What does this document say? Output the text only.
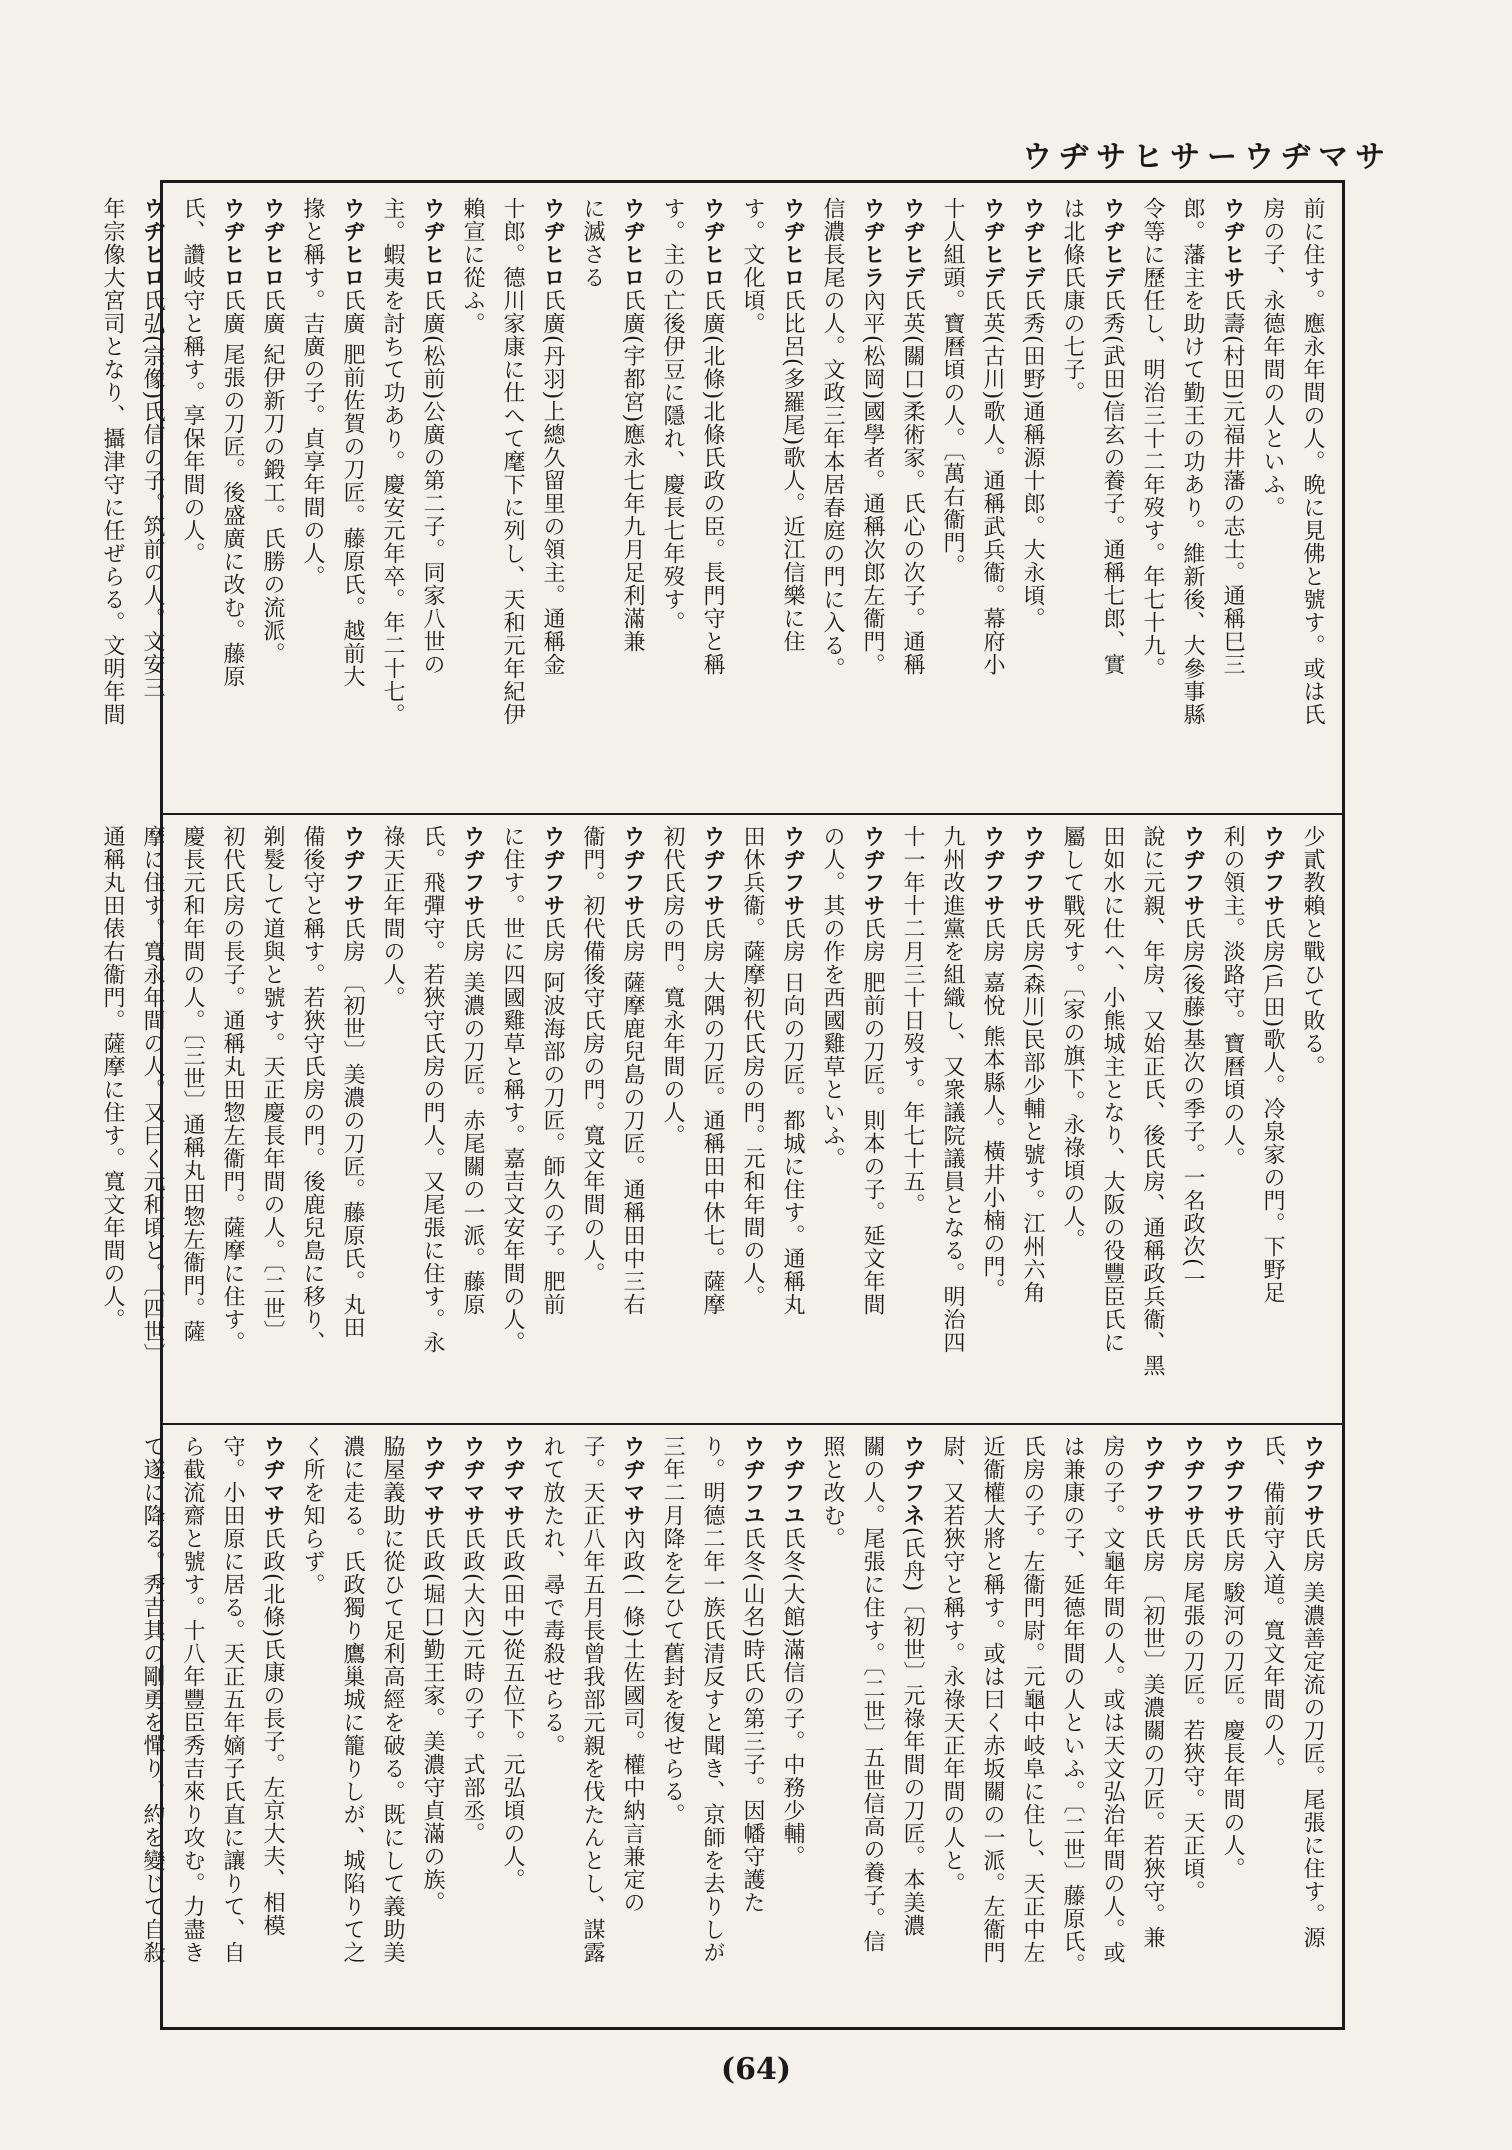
ウヂサヒサーウヂマサ
前に住す。應永年間の人。晩に見佛と號す。或は氏
房の子、永德年間の人といふ。
ウヂヒサ氏壽(村田)元福井藩の志士。通稱巳三
郎。藩主を助けて勤王の功あり。維新後、大參事縣
令等に歷任し、明治三十二年歿す。年七十九。
ウヂヒデ氏秀(武田)信玄の養子。通稱七郎、實
は北條氏康の七子。
ウヂヒデ氏秀(田野)通稱源十郎。大永頃。
ウヂヒデ氏英(古川)歌人。通稱武兵衞。幕府小
十人組頭。寶曆頃の人。〔萬右衞門。
ウヂヒデ氏英(關口)柔術家。氏心の次子。通稱
ウヂヒラ內平(松岡)國學者。通稱次郎左衞門。
信濃長尾の人。文政三年本居春庭の門に入る。
ウヂヒロ氏比呂(多羅尾)歌人。近江信樂に住
す。文化頃。
ウヂヒロ氏廣(北條)北條氏政の臣。長門守と稱
す。主の亡後伊豆に隱れ、慶長七年歿す。
ウヂヒロ氏廣(宇都宮)應永七年九月足利滿兼
に滅さる
ウヂヒロ氏廣(丹羽)上總久留里の領主。通稱金
十郎。德川家康に仕へて麾下に列し、天和元年紀伊
賴宣に從ふ。
ウヂヒロ氏廣(松前)公廣の第二子。同家八世の
主。蝦夷を討ちて功あり。慶安元年卒。年二十七。
ウヂヒロ氏廣 肥前佐賀の刀匠。藤原氏。越前大
掾と稱す。吉廣の子。貞享年間の人。
ウヂヒロ氏廣 紀伊新刀の鍛工。氏勝の流派。
ウヂヒロ氏廣 尾張の刀匠。後盛廣に改む。藤原
氏、讚岐守と稱す。享保年間の人。
ウヂヒロ氏弘(宗像)氏信の子。筑前の人。文安三
年宗像大宮司となり、攝津守に任ぜらる。文明年間
少貳教賴と戰ひて敗る。
ウヂフサ氏房(戶田)歌人。冷泉家の門。下野足
利の領主。淡路守。寶曆頃の人。
ウヂフサ氏房(後藤)基次の季子。一名政次(一
說に元親、年房、又始正氏、後氏房、通稱政兵衞、黑
田如水に仕へ、小熊城主となり、大阪の役豐臣氏に
屬して戰死す。〔家の旗下。永祿頃の人。
ウヂフサ氏房(森川)民部少輔と號す。江州六角
ウヂフサ氏房 嘉悅 熊本縣人。橫井小楠の門。
九州改進黨を組織し、又衆議院議員となる。明治四
十一年十二月三十日歿す。年七十五。
ウヂフサ氏房 肥前の刀匠。則本の子。延文年間
の人。其の作を西國雞草といふ。
ウヂフサ氏房 日向の刀匠。都城に住す。通稱丸
田休兵衞。薩摩初代氏房の門。元和年間の人。
ウヂフサ氏房 大隅の刀匠。通稱田中休七。薩摩
初代氏房の門。寬永年間の人。
ウヂフサ氏房 薩摩鹿兒島の刀匠。通稱田中三右
衞門。初代備後守氏房の門。寬文年間の人。
ウヂフサ氏房 阿波海部の刀匠。師久の子。肥前
に住す。世に四國雞草と稱す。嘉吉文安年間の人。
ウヂフサ氏房 美濃の刀匠。赤尾關の一派。藤原
氏。飛彈守。若狹守氏房の門人。又尾張に住す。永
祿天正年間の人。
ウヂフサ氏房 〔初世〕美濃の刀匠。藤原氏。丸田
備後守と稱す。若狹守氏房の門。後鹿兒島に移り、
剃髮して道與と號す。天正慶長年間の人。〔二世〕
初代氏房の長子。通稱丸田惣左衞門。薩摩に住す。
慶長元和年間の人。〔三世〕通稱丸田惣左衞門。薩
摩に住す。寬永年間の人。又曰く元和頃と。〔四世〕
通稱丸田俵右衞門。薩摩に住す。寬文年間の人。
ウヂフサ氏房 美濃善定流の刀匠。尾張に住す。源
氏、備前守入道。寬文年間の人。
ウヂフサ氏房 駿河の刀匠。慶長年間の人。
ウヂフサ氏房 尾張の刀匠。若狹守。天正頃。
ウヂフサ氏房 〔初世〕美濃關の刀匠。若狹守。兼
房の子。文龜年間の人。或は天文弘治年間の人。或
は兼康の子、延德年間の人といふ。〔二世〕藤原氏。
氏房の子。左衞門尉。元龜中岐阜に住し、天正中左
近衞權大將と稱す。或は曰く赤坂關の一派。左衞門
尉、又若狹守と稱す。永祿天正年間の人と。
ウヂフネ(氏舟)〔初世〕元祿年間の刀匠。本美濃
關の人。尾張に住す。〔二世〕五世信高の養子。信
照と改む。
ウヂフユ氏冬(大館)滿信の子。中務少輔。
ウヂフユ氏冬(山名)時氏の第三子。因幡守護た
り。明德二年一族氏清反すと聞き、京師を去りしが
三年二月降を乞ひて舊封を復せらる。
ウヂマサ內政(一條)土佐國司。權中納言兼定の
子。天正八年五月長曾我部元親を伐たんとし、謀露
れて放たれ、尋で毒殺せらる。
ウヂマサ氏政(田中)從五位下。元弘頃の人。
ウヂマサ氏政(大內)元時の子。式部丞。
ウヂマサ氏政(堀口)勤王家。美濃守貞滿の族。
脇屋義助に從ひて足利高經を破る。既にして義助美
濃に走る。氏政獨り鷹巢城に籠りしが、城陷りて之
く所を知らず。
ウヂマサ氏政(北條)氏康の長子。左京大夫、相模
守。小田原に居る。天正五年嫡子氏直に讓りて、自
ら截流齋と號す。十八年豐臣秀吉來り攻む。力盡き
て遂に降る。秀吉其の剛勇を憚り、約を變じて自殺
(64)
